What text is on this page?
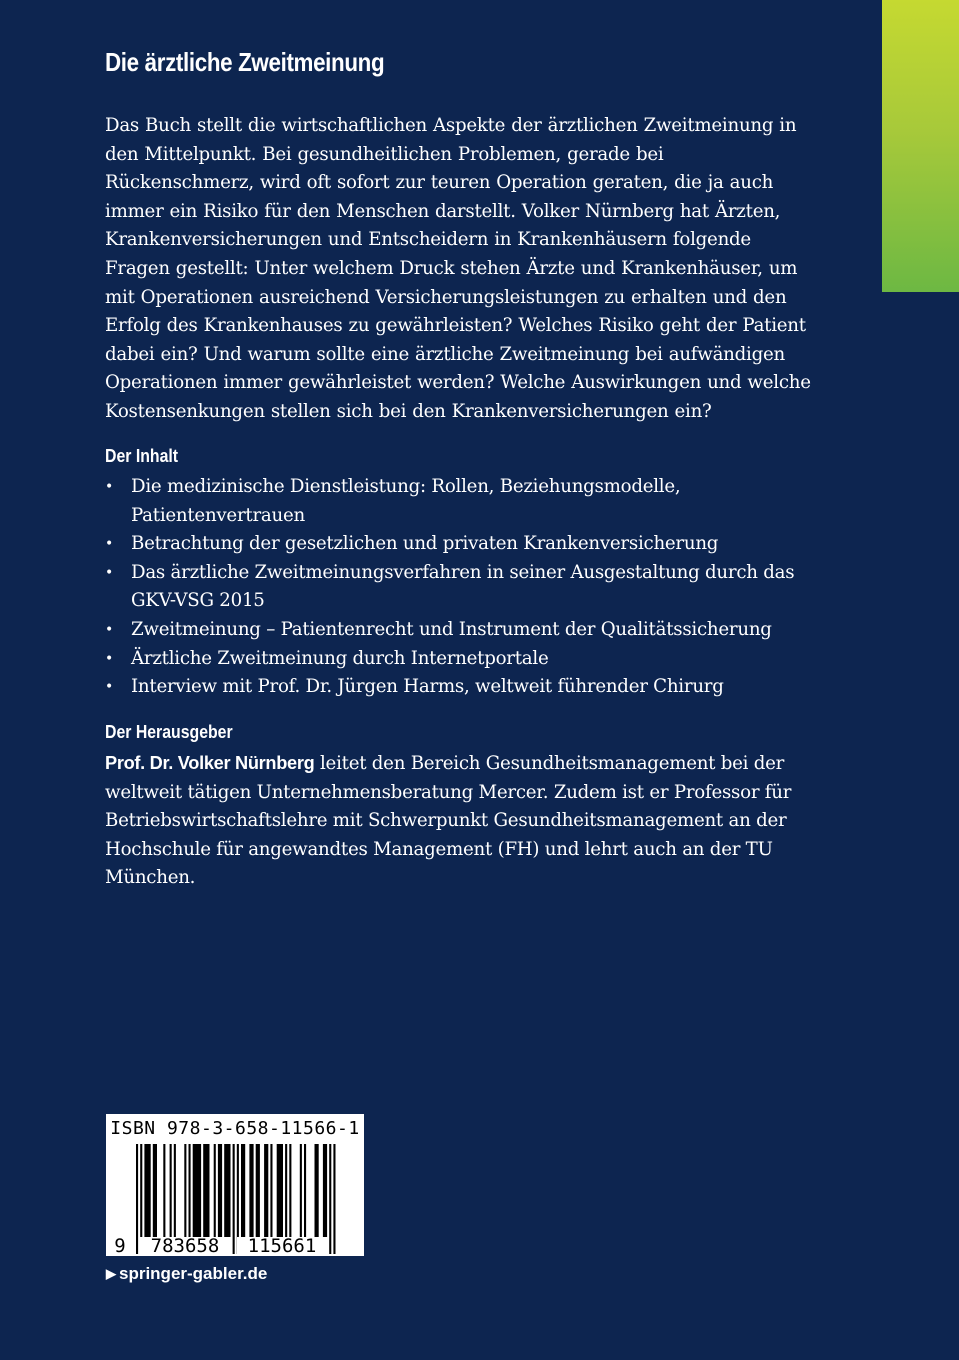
Die ärztliche Zweitmeinung

Das Buch stellt die wirtschaftlichen Aspekte der ärztlichen Zweitmeinung in den Mittelpunkt. Bei gesundheitlichen Problemen, gerade bei Rückenschmerz, wird oft sofort zur teuren Operation geraten, die ja auch immer ein Risiko für den Menschen darstellt. Volker Nürnberg hat Ärzten, Krankenversicherungen und Entscheidern in Krankenhäusern folgende Fragen gestellt: Unter welchem Druck stehen Ärzte und Krankenhäuser, um mit Operationen ausreichend Versicherungsleistungen zu erhalten und den Erfolg des Krankenhauses zu gewährleisten? Welches Risiko geht der Patient dabei ein? Und warum sollte eine ärztliche Zweitmeinung bei aufwändigen Operationen immer gewährleistet werden? Welche Auswirkungen und welche Kostensenkungen stellen sich bei den Krankenversicherungen ein?

Der Inhalt
• Die medizinische Dienstleistung: Rollen, Beziehungsmodelle, Patientenvertrauen
• Betrachtung der gesetzlichen und privaten Krankenversicherung
• Das ärztliche Zweitmeinungsverfahren in seiner Ausgestaltung durch das GKV-VSG 2015
• Zweitmeinung – Patientenrecht und Instrument der Qualitätssicherung
• Ärztliche Zweitmeinung durch Internetportale
• Interview mit Prof. Dr. Jürgen Harms, weltweit führender Chirurg
Der Herausgeber

Prof. Dr. Volker Nürnberg leitet den Bereich Gesundheitsmanagement bei der weltweit tätigen Unternehmensberatung Mercer. Zudem ist er Professor für Betriebswirtschaftslehre mit Schwerpunkt Gesundheitsmanagement an der Hochschule für angewandtes Management (FH) und lehrt auch an der TU München.

ISBN 978-3-658-11566-1
9 783658 115661
▶ springer-gabler.de
